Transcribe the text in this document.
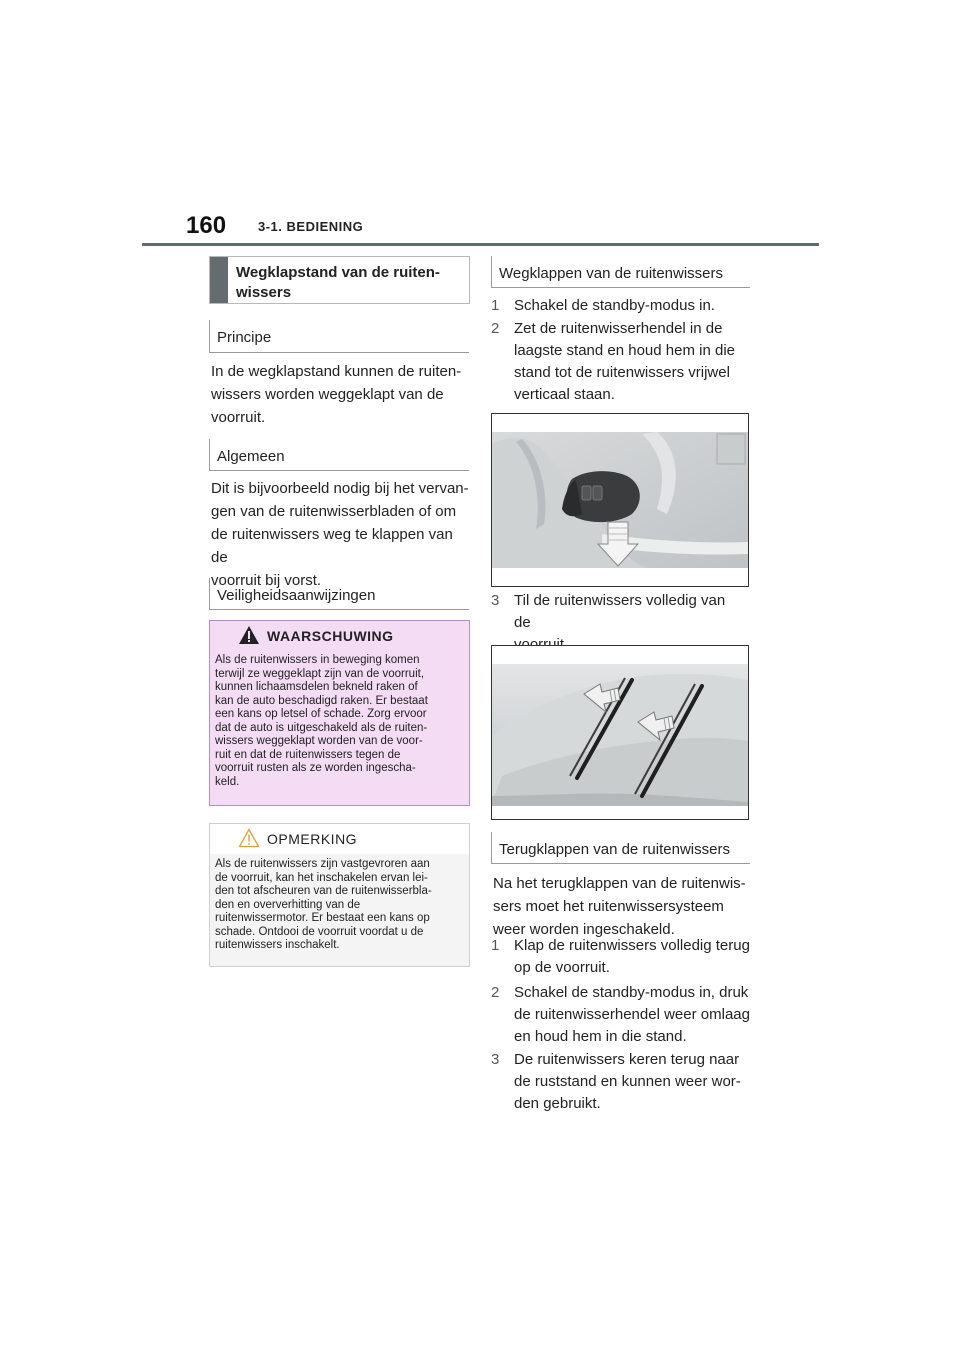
160 3-1. BEDIENING
Wegklapstand van de ruiten-
wissers
Principe
In de wegklapstand kunnen de ruiten-
wissers worden weggeklapt van de
voorruit.
Algemeen
Dit is bijvoorbeeld nodig bij het vervan-
gen van de ruitenwisserbladen of om
de ruitenwissers weg te klappen van de
voorruit bij vorst.
Veiligheidsaanwijzingen
WAARSCHUWING
Als de ruitenwissers in beweging komen
terwijl ze weggeklapt zijn van de voorruit,
kunnen lichaamsdelen bekneld raken of
kan de auto beschadigd raken. Er bestaat
een kans op letsel of schade. Zorg ervoor
dat de auto is uitgeschakeld als de ruiten-
wissers weggeklapt worden van de voor-
ruit en dat de ruitenwissers tegen de
voorruit rusten als ze worden ingescha-
keld.
OPMERKING
Als de ruitenwissers zijn vastgevroren aan
de voorruit, kan het inschakelen ervan lei-
den tot afscheuren van de ruitenwisserbla-
den en oververhitting van de
ruitenwissermotor. Er bestaat een kans op
schade. Ontdooi de voorruit voordat u de
ruitenwissers inschakelt.
Wegklappen van de ruitenwissers
1 Schakel de standby-modus in.
2 Zet de ruitenwisserhendel in de
laagste stand en houd hem in die
stand tot de ruitenwissers vrijwel
verticaal staan.
3 Til de ruitenwissers volledig van de

Terugklappen van de ruitenwissers
Na het terugklappen van de ruitenwis-
sers moet het ruitenwissersysteem
weer worden ingeschakeld.
1 Klap de ruitenwissers volledig terug
op de voorruit.
2 Schakel de standby-modus in, druk
de ruitenwisserhendel weer omlaag
en houd hem in die stand.
3 De ruitenwissers keren terug naar
de ruststand en kunnen weer wor-
den gebruikt.
